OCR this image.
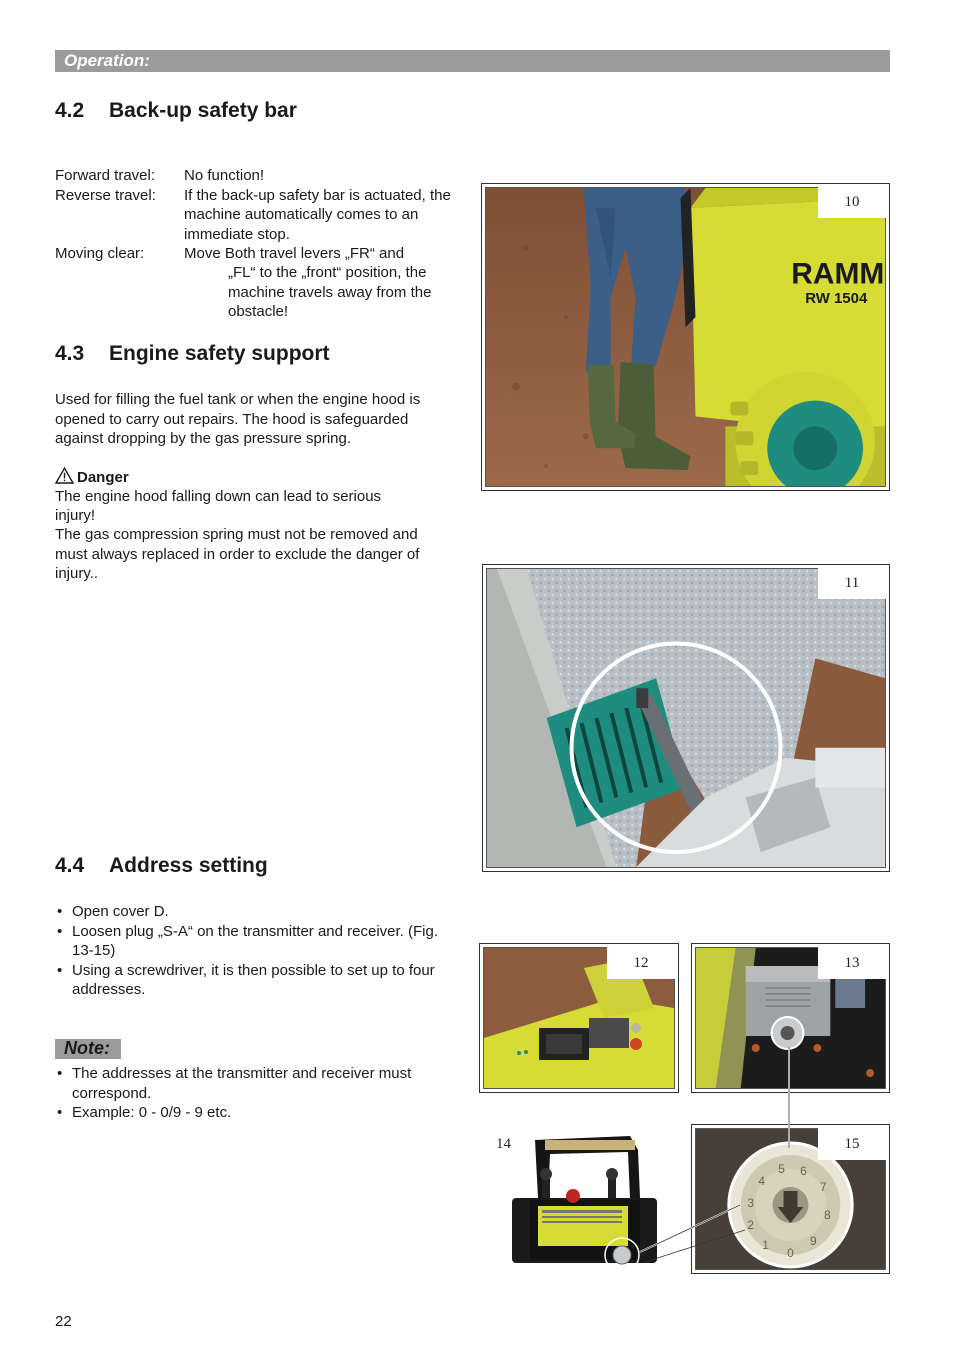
Operation:
4.2 Back-up safety bar
Forward travel: No function!
Reverse travel: If the back-up safety bar is actuated, the machine automatically comes to an immediate stop.
Moving clear:	Move Both travel levers „FR“ and
„FL“ to the „front“ position, the machine travels away from the obstacle!
4.3 Engine safety support
Used for filling the fuel tank or when the engine hood is opened to carry out repairs. The hood is safeguarded against dropping by the gas pressure spring.
Danger
The engine hood falling down can lead to serious injury!
The gas compression spring must not be removed and must always replaced in order to exclude the danger of injury..
4.4 Address setting
• Open cover D.
• Loosen plug „S-A“ on the transmitter and receiver. (Fig. 13-15)
• Using a screwdriver, it is then possible to set up to four addresses.
Note:
• The addresses at the transmitter and receiver must correspond.
• Example: 0 - 0/9 - 9 etc.
RAMM
RW 1504
10
11
12	13
14
0
1
2
3
4
5 6
7
8
9
15
22
